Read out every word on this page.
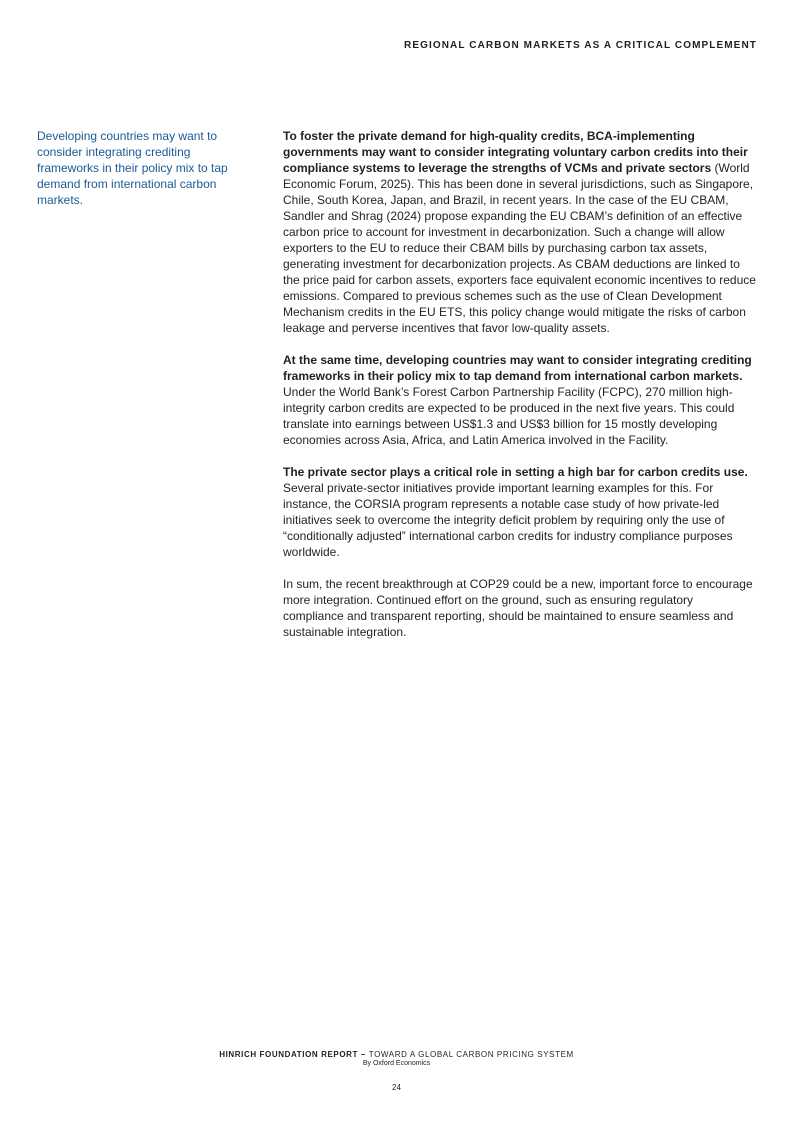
REGIONAL CARBON MARKETS AS A CRITICAL COMPLEMENT
Developing countries may want to consider integrating crediting frameworks in their policy mix to tap demand from international carbon markets.

To foster the private demand for high-quality credits, BCA-implementing governments may want to consider integrating voluntary carbon credits into their compliance systems to leverage the strengths of VCMs and private sectors (World Economic Forum, 2025). This has been done in several jurisdictions, such as Singapore, Chile, South Korea, Japan, and Brazil, in recent years. In the case of the EU CBAM, Sandler and Shrag (2024) propose expanding the EU CBAM’s definition of an effective carbon price to account for investment in decarbonization. Such a change will allow exporters to the EU to reduce their CBAM bills by purchasing carbon tax assets, generating investment for decarbonization projects. As CBAM deductions are linked to the price paid for carbon assets, exporters face equivalent economic incentives to reduce emissions. Compared to previous schemes such as the use of Clean Development Mechanism credits in the EU ETS, this policy change would mitigate the risks of carbon leakage and perverse incentives that favor low-quality assets.

At the same time, developing countries may want to consider integrating crediting frameworks in their policy mix to tap demand from international carbon markets. Under the World Bank’s Forest Carbon Partnership Facility (FCPC), 270 million high-integrity carbon credits are expected to be produced in the next five years. This could translate into earnings between US$1.3 and US$3 billion for 15 mostly developing economies across Asia, Africa, and Latin America involved in the Facility.

The private sector plays a critical role in setting a high bar for carbon credits use. Several private-sector initiatives provide important learning examples for this. For instance, the CORSIA program represents a notable case study of how private-led initiatives seek to overcome the integrity deficit problem by requiring only the use of “conditionally adjusted” international carbon credits for industry compliance purposes worldwide.

In sum, the recent breakthrough at COP29 could be a new, important force to encourage more integration. Continued effort on the ground, such as ensuring regulatory compliance and transparent reporting, should be maintained to ensure seamless and sustainable integration.

HINRICH FOUNDATION REPORT – TOWARD A GLOBAL CARBON PRICING SYSTEM
By Oxford Economics
24
